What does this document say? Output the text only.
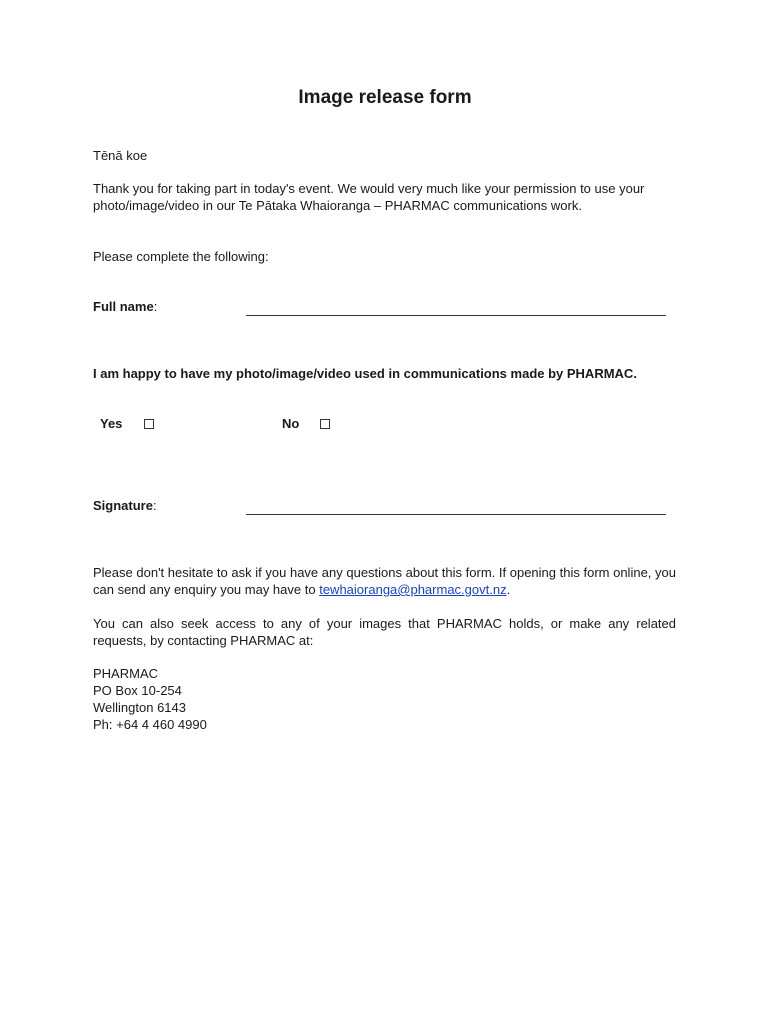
Image release form

Tēnā koe

Thank you for taking part in today's event. We would very much like your permission to use your photo/image/video in our Te Pātaka Whaioranga – PHARMAC communications work.

Please complete the following:

Full name:

I am happy to have my photo/image/video used in communications made by PHARMAC.

Yes	No
Signature:

Please don't hesitate to ask if you have any questions about this form. If opening this form online, you can send any enquiry you may have to tewhaioranga@pharmac.govt.nz.

You can also seek access to any of your images that PHARMAC holds, or make any related requests, by contacting PHARMAC at:

PHARMAC
PO Box 10-254
Wellington 6143
Ph: +64 4 460 4990
